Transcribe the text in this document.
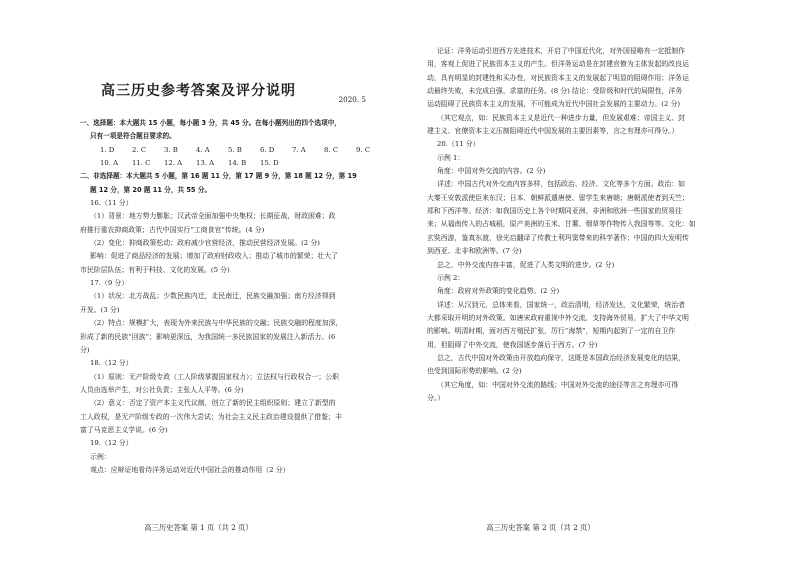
高三历史参考答案及评分说明
2020. 5
一、选择题：本大题共 15 小题，每小题 3 分，共 45 分。在每小题列出的四个选项中，
只有一项是符合题目要求的。
1. D	2. C	3. B	4. A	5. B	6. D	7. A	8. C	9. C
10. A 11. C 12. A 13. A 14. B 15. D
二、非选择题：本大题共 5 小题，第 16 题 11 分，第 17 题 9 分，第 18 题 12 分，第 19
题 12 分，第 20 题 11 分，共 55 分。
16.（11 分）
（1）背景：地方势力膨胀；汉武帝全面加强中央集权；长期征战，财政困难；政
府推行重农抑商政策；古代中国实行“工商食官”传统。(4 分)
（2）变化：抑商政策松动；政府减少官营经济，推动民营经济发展。(2 分)
影响：促进了商品经济的发展；增加了政府财政收入；推动了城市的繁荣；壮大了
市民阶层队伍；有利于科技、文化的发展。(5 分)
17.（9 分）
（1）状况：北方战乱；少数民族内迁，北民南迁，民族交融加强；南方经济得到
开发。(3 分)
（2）特点：规模扩大，表现为外来民族与中华民族的交融；民族交融的程度加深，
形成了新的民族“回族”；影响更深远，为我国统一多民族国家的发展注入新活力。(6
分)
18.（12 分）
（1）原则：无产阶级专政（工人阶级掌握国家权力）；立法权与行政权合一；公职
人员由选举产生，对公社负责；主张人人平等。(6 分)
（2）意义：否定了资产本主义代议制，创立了新的民主组织原则；建立了新型的
工人政权，是无产阶级专政的一次伟大尝试；为社会主义民主政治建设提供了借鉴；丰
富了马克思主义学说。(6 分)
19.（12 分）
示例：
观点：应辩证地看待洋务运动对近代中国社会的推动作用（2 分）
高三历史答案 第 1 页（共 2 页）
论证：洋务运动引进西方先进技术，开启了中国近代化，对外国侵略有一定抵制作
用，客观上促进了民族资本主义的产生。但洋务运动是在封建官僚为主体发起的改良运
动，具有明显的封建性和买办性，对民族资本主义的发展起了明显的阻碍作用；洋务运
动最终失败，未完成自强、求富的任务。(8 分) 结论：受阶级和时代的局限性，洋务
运动阻碍了民族资本主义的发展，不可能成为近代中国社会发展的主要动力。(2 分)
（其它观点，如：民族资本主义是近代一种进步力量，但发展艰难；帝国主义、封
建主义、官僚资本主义压制阻碍近代中国发展的主要因素等，言之有理亦可得分。）
20.（11 分）
示例 1：
角度：中国对外交流的内容。(2 分)
详述：中国古代对外交流内容多样，包括政治、经济、文化等多个方面。政治：如
大秦王安敦派使臣来东汉；日本、朝鲜派遣唐使、留学生来唐朝；唐朝派使者到天竺；
郑和下西洋等。经济：如我国历史上各个时期同亚洲、非洲和欧洲一些国家的贸易往
来；从福南传入的占城稻，原产美洲的玉米、甘薯、烟草等作物传入我国等等。文化：如
玄奘西游，鉴真东渡，徐光启翻译了传教士利玛窦带来的科学著作；中国的四大发明传
到西亚、北非和欧洲等。(7 分)
总之，中外交流内容丰富，促进了人类文明的进步。(2 分)
示例 2：
角度：政府对外政策的变化趋势。(2 分)
详述：从汉到元，总体来看，国家统一，政治清明，经济发达，文化繁荣，统治者
大都采取开明的对外政策。如唐宋政府重视中外交流，支持海外贸易，扩大了中华文明
的影响。明清时期，面对西方殖民扩张，厉行“海禁”，短期内起到了一定的自卫作
用，但阻碍了中外交流，使我国逐步落后于西方。(7 分)
总之，古代中国对外政策由开放趋向保守，这既是本国政治经济发展变化的结果，
也受到国际形势的影响。(2 分)
（其它角度，如：中国对外交流的路线；中国对外交流的途径等言之有理亦可得
分。）
高三历史答案 第 2 页（共 2 页）
